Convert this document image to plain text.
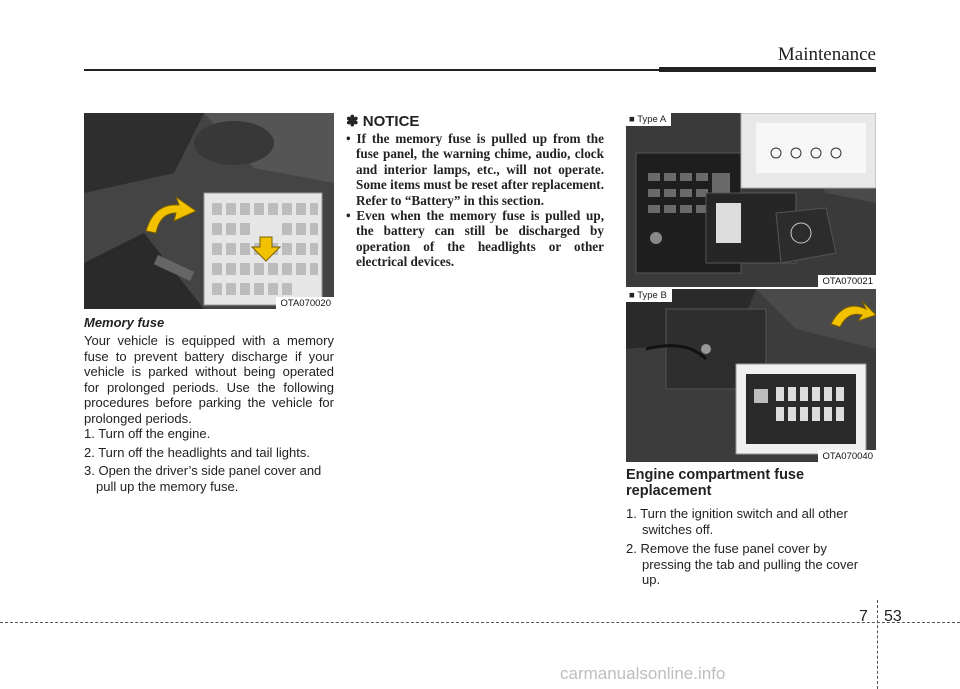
Maintenance
OTA070020
Memory fuse
Your vehicle is equipped with a memory fuse to prevent battery discharge if your vehicle is parked without being operated for prolonged periods. Use the following procedures before parking the vehicle for prolonged periods.
1. Turn off the engine.
2. Turn off the headlights and tail lights.
3. Open the driver’s side panel cover and pull up the memory fuse.
✽ NOTICE
• If the memory fuse is pulled up from the fuse panel, the warning chime, audio, clock and interior lamps, etc., will not operate. Some items must be reset after replacement. Refer to “Battery” in this section.
• Even when the memory fuse is pulled up, the battery can still be discharged by operation of the headlights or other electrical devices.
■ Type A
OTA070021
■ Type B
OTA070040
Engine compartment fuse replacement
1. Turn the ignition switch and all other switches off.
2. Remove the fuse panel cover by pressing the tab and pulling the cover up.
7 53
carmanualsonline.info
